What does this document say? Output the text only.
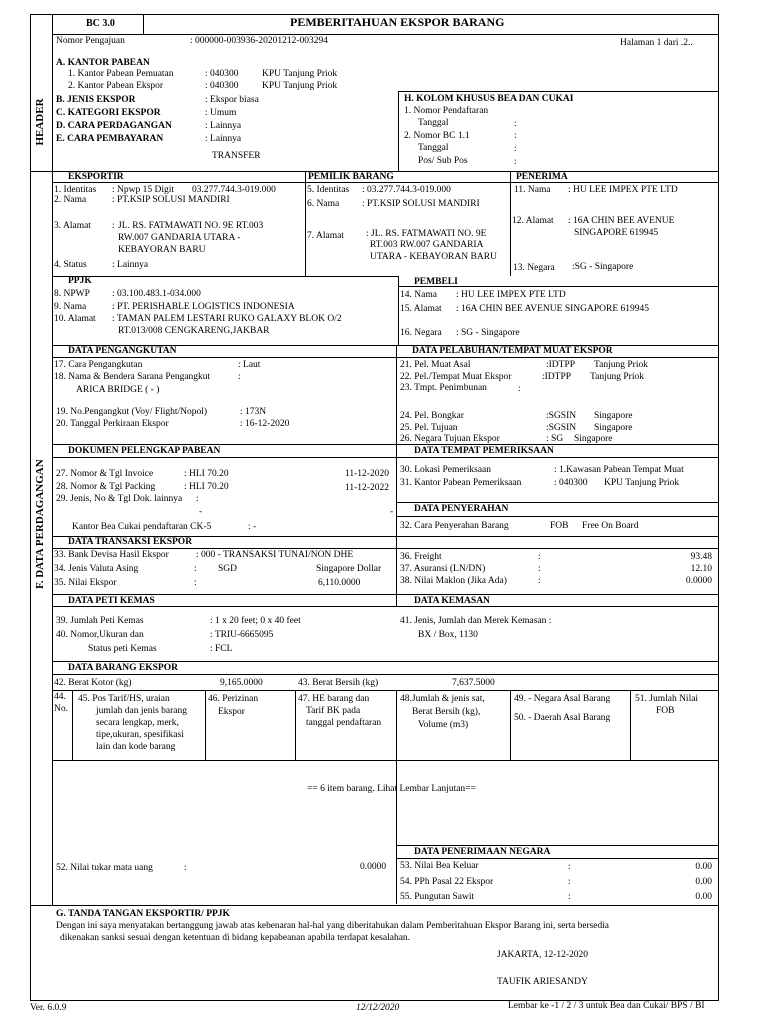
HEADER
F. DATA PERDAGANGAN
BC 3.0	PEMBERITAHUAN EKSPOR BARANG
Nomor Pengajuan	: 000000-003936-20201212-003294	Halaman 1 dari .2..
A. KANTOR PABEAN
1. Kantor Pabean Pemuatan	: 040300 KPU Tanjung Priok
2. Kantor Pabean Ekspor	: 040300 KPU Tanjung Priok
B. JENIS EKSPOR	: Ekspor biasa
C. KATEGORI EKSPOR	: Umum
D. CARA PERDAGANGAN	: Lainnya
E. CARA PEMBAYARAN	: Lainnya
TRANSFER
H. KOLOM KHUSUS BEA DAN CUKAI
1. Nomor Pendaftaran
Tanggal	:
2. Nomor BC 1.1	:
Tanggal	:
Pos/ Sub Pos	:
EKSPORTIR
1. Identitas : Npwp 15 Digit 03.277.744.3-019.000
2. Nama	: PT.KSIP SOLUSI MANDIRI
3. Alamat : JL. RS. FATMAWATI NO. 9E RT.003
RW.007 GANDARIA UTARA -
KEBAYORAN BARU
4. Status	: Lainnya
PEMILIK BARANG
5. Identitas : 03.277.744.3-019.000
6. Nama : PT.KSIP SOLUSI MANDIRI
7. Alamat : JL. RS. FATMAWATI NO. 9E
RT.003 RW.007 GANDARIA
UTARA - KEBAYORAN BARU
PENERIMA
11. Nama : HU LEE IMPEX PTE LTD
12. Alamat : 16A CHIN BEE AVENUE
SINGAPORE 619945
13. Negara :SG - Singapore
PPJK
8. NPWP : 03.100.483.1-034.000
9. Nama	: PT. PERISHABLE LOGISTICS INDONESIA
10. Alamat : TAMAN PALEM LESTARI RUKO GALAXY BLOK O/2
RT.013/008 CENGKARENG,JAKBAR
PEMBELI
14. Nama : HU LEE IMPEX PTE LTD
15. Alamat : 16A CHIN BEE AVENUE SINGAPORE 619945
16. Negara : SG - Singapore
DATA PENGANGKUTAN
17. Cara Pengangkutan	: Laut
18. Nama & Bendera Sarana Pengangkut	:
ARICA BRIDGE ( - )
19. No.Pengangkut (Voy/ Flight/Nopol)	: 173N
20. Tanggal Perkiraan Ekspor	: 16-12-2020
DATA PELABUHAN/TEMPAT MUAT EKSPOR
21. Pel. Muat Asal	:IDTPP Tanjung Priok
22. Pel./Tempat Muat Ekspor	:IDTPP Tanjung Priok
23. Tmpt. Penimbunan	:
24. Pel. Bongkar	:SGSIN Singapore
25. Pel. Tujuan	:SGSIN Singapore
26. Negara Tujuan Ekspor	: SG Singapore
DOKUMEN PELENGKAP PABEAN
27. Nomor & Tgl Invoice	: HLI 70.20	11-12-2020
28. Nomor & Tgl Packing	: HLI 70.20	11-12-2022
29. Jenis, No & Tgl Dok. lainnya :
-	-
Kantor Bea Cukai pendaftaran CK-5	: -
DATA TEMPAT PEMERIKSAAN
30. Lokasi Pemeriksaan	: 1.Kawasan Pabean Tempat Muat
31. Kantor Pabean Pemeriksaan	: 040300 KPU Tanjung Priok
DATA PENYERAHAN
32. Cara Penyerahan Barang	FOB Free On Board
DATA TRANSAKSI EKSPOR
33. Bank Devisa Hasil Ekspor	: 000 - TRANSAKSI TUNAI/NON DHE
34. Jenis Valuta Asing	: SGD	Singapore Dollar
35. Nilai Ekspor	:	6,110.0000
36. Freight	:	93.48
37. Asuransi (LN/DN)	:	12.10
38. Nilai Maklon (Jika Ada)	:	0.0000
DATA PETI KEMAS
39. Jumlah Peti Kemas	: 1 x 20 feet; 0 x 40 feet
40. Nomor,Ukuran dan	: TRIU-6665095
Status peti Kemas	: FCL
DATA KEMASAN
41. Jenis, Jumlah dan Merek Kemasan :
BX / Box, 1130
DATA BARANG EKSPOR
42. Berat Kotor (kg)	9,165.0000	43. Berat Bersih (kg)	7,637.5000
44.
No.
45. Pos Tarif/HS, uraian
jumlah dan jenis barang
secara lengkap, merk,
tipe,ukuran, spesifikasi
lain dan kode barang
46. Perizinan
Ekspor
47. HE barang dan
Tarif BK pada
tanggal pendaftaran
48.Jumlah & jenis sat,
Berat Bersih (kg),
Volume (m3)
49. - Negara Asal Barang
50. - Daerah Asal Barang
51. Jumlah Nilai
FOB
== 6 item barang. Lihat Lembar Lanjutan==
52. Nilai tukar mata uang	:	0.0000
DATA PENERIMAAN NEGARA
53. Nilai Bea Keluar	:	0.00
54. PPh Pasal 22 Ekspor	:	0.00
55. Pungutan Sawit	:	0.00
G. TANDA TANGAN EKSPORTIR/ PPJK
Dengan ini saya menyatakan bertanggung jawab atas kebenaran hal-hal yang diberitahukan dalam Pemberitahuan Ekspor Barang ini, serta bersedia
dikenakan sanksi sesuai dengan ketentuan di bidang kepabeanan apabila terdapat kesalahan.
JAKARTA, 12-12-2020
TAUFIK ARIESANDY
Ver. 6.0.9	12/12/2020	Lembar ke -1 / 2 / 3 untuk Bea dan Cukai/ BPS / BI
